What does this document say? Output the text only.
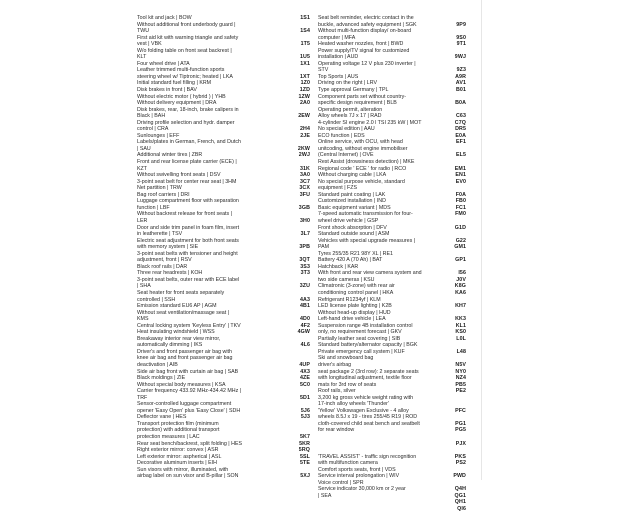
Tool kit and jack | BOW
Without additional front underbody guard |
TWU
First aid kit with warning triangle and safety
vest | VBK
W/o folding table on front seat backrest |
KLT
Four wheel drive | ATA
Leather trimmed multi-function sports
steering wheel w/ Tiptronic; heated | LKA
Initial standard fuel filling | KRM
Disk brakes in front | BAV
Without electric motor ( hybrid ) | YHB
Without delivery equipment | DRA
Disk brakes, rear, 18-inch, brake calipers in
Black | BAH
Driving profile selection and hydr. damper
control | CRA
Sunlounges | EFF
Labels/plates in German, French, and Dutch
| SAU
Additional winter tires | ZBR
Front and rear license plate carrier (ECE) |
KZT
Without swivelling front seats | DSV
3-point seat belt for center rear seat | 3HM
Net partition | TRW
Bag roof carriers | DRI
Luggage compartment floor with separation
function | LBF
Without backrest release for front seats |
LER
Door and side trim panel in foam film, insert
in leatherette | TSV
Electric seat adjustment for both front seats
with memory system | SIE
3-point seat belts with tensioner and height
adjustment, front | RSV
Black roof rails | DAR
Three rear headrests | KOH
3-point seat belts, outer rear with ECE label
| SHA
Seat heater for front seats separately
controlled | SSH
Emission standard EU6 AP | AGM
Without seat ventilation/massage seat |
KMS
Central locking system 'Keyless Entry' | TKV
Heat insulating windshield | WSS
Breakaway interior rear view mirror,
automatically dimming | IKS
Driver's and front passenger air bag with
knee air bag and front passenger air bag
deactivation | AIB
Side air bag front with curtain air bag | SAB
Black moldings | ZIE
Without special body measures | KSA
Carrier frequency 433.92 MHz-434.42 MHz |
TRF
Sensor-controlled luggage compartment
opener 'Easy Open' plus 'Easy Close' | SDH
Deflector vane | HES
Transport protection film (minimum
protection) with additional transport
protection measures | LAC
Rear seat bench/backrest, split folding | HES
Right exterior mirror: convex | ASR
Left exterior mirror: aspherical | ASL
Decorative aluminum inserts | EIH
Sun visors with mirror, illuminated, with
airbag label on sun visor and B-pillar | SON
1S1

1S4

1T5

1U5
1X1

1XT
1Z0
1ZD
1ZW
2A0

2EW

2H4
2JE

2KW
2WJ

31K
3A0
3C7
3CX
3FU

3GB

3H0

3L7

3PB

3QT
3S3
3T3

3ZU

4A3
4B1

4D0
4F2
4GW

4L6

4UP
4X3
4ZE
5C0

5D1

5J6
5J3

5K7
5KR
5RQ
5SL
5TE

5XJ
Seat belt reminder, electric contact in the
buckle, advanced safety equipment | SGK
Without multi-function display/ on-board
computer | MFA
Heated washer nozzles, front | BWD
Power supply/TV signal for customized
installation | AUD
Operating voltage 12 V plus 230 inverter |
STV
Top Sports | AUS
Driving on the right | LRV
Type approval Germany | TPL
Component parts set without country-
specific design requirement | BLB
Operating permit, alteration
Alloy wheels 7J x 17 | RAD
4-cylinder SI engine 2.0 l TSI 235 kW | MOT
No special edition | AAU
ECO function | EDS
Online service, with OCU, with head
unitcoding, without engine immobiliser
(Central Internet) | OVE
Rest Assist (drowsiness detection) | MKE
Regional code ' ECE ' for radio | RCO
Without charging cable | LKA
No special purpose vehicle, standard
equipment | FZS
Standard paint coating | LAK
Customized installation | IND
Basic equipment variant | MDS
7-speed automatic transmission for four-
wheel drive vehicle | GSP
Front shock absorption | DFV
Standard outside sound | ASM
Vehicles with special upgrade measures |
PAM
Tyres 255/35 R21 98Y XL | RE1
Battery 420 A (70 Ah) | BAT
Hatchback | KAR
With front and rear view camera system and
two side cameras | KSU
Climatronic (3-zone) with rear air
conditioning control panel | HKA
Refrigerant R1234yf | KLM
LED license plate lighting | K2B
Without head-up display | HUD
Left-hand drive vehicle | LEA
Suspension range 4B installation control
only, no requirement forecast | GKV
Partially leather seat covering | SIB
Standard battery/alternator capacity | BGK
Private emergency call system | KUF
Ski and snowboard bag
driver's airbag
seat package 2 (3rd row): 2 separate seats
with longitudinal adjustment, textile floor
mats for 3rd row of seats
Roof rails, silver
3,200 kg gross vehicle weight rating with
17-inch alloy wheels 'Thunder'
'Yellow' Volkswagen Exclusive - 4 alloy
wheels 8.5J x 19 - tires 255/45 R19 | ROD
cloth-covered child seat bench and seatbelt
for rear window

'TRAVEL ASSIST' - traffic sign recognition
with multifunction camera
Comfort sports seats, front | VDS
Service interval prolongation | WIV
Voice control | SPR
Service indicator 30,000 km or 2 year
| SEA

9P9

9S0
9T1

9WJ

9Z3
A9R
AV1
B01

B0A

C63
C7Q
DR5
E0A
EF1

EL5

EM1
EN1
EV0

F0A
FB0
FC1
FM0

G1D

G22
GM1

GP1

I56
J0V
K8G
KA6

KH7

KK3
KL1
KS0
L0L

L48

N5V
NY0
NZ4
PB5
PE2

PFC

PG1
PG5

PJX

PKS
PS2

PWD

Q4H
QG1
QH1
QI6
